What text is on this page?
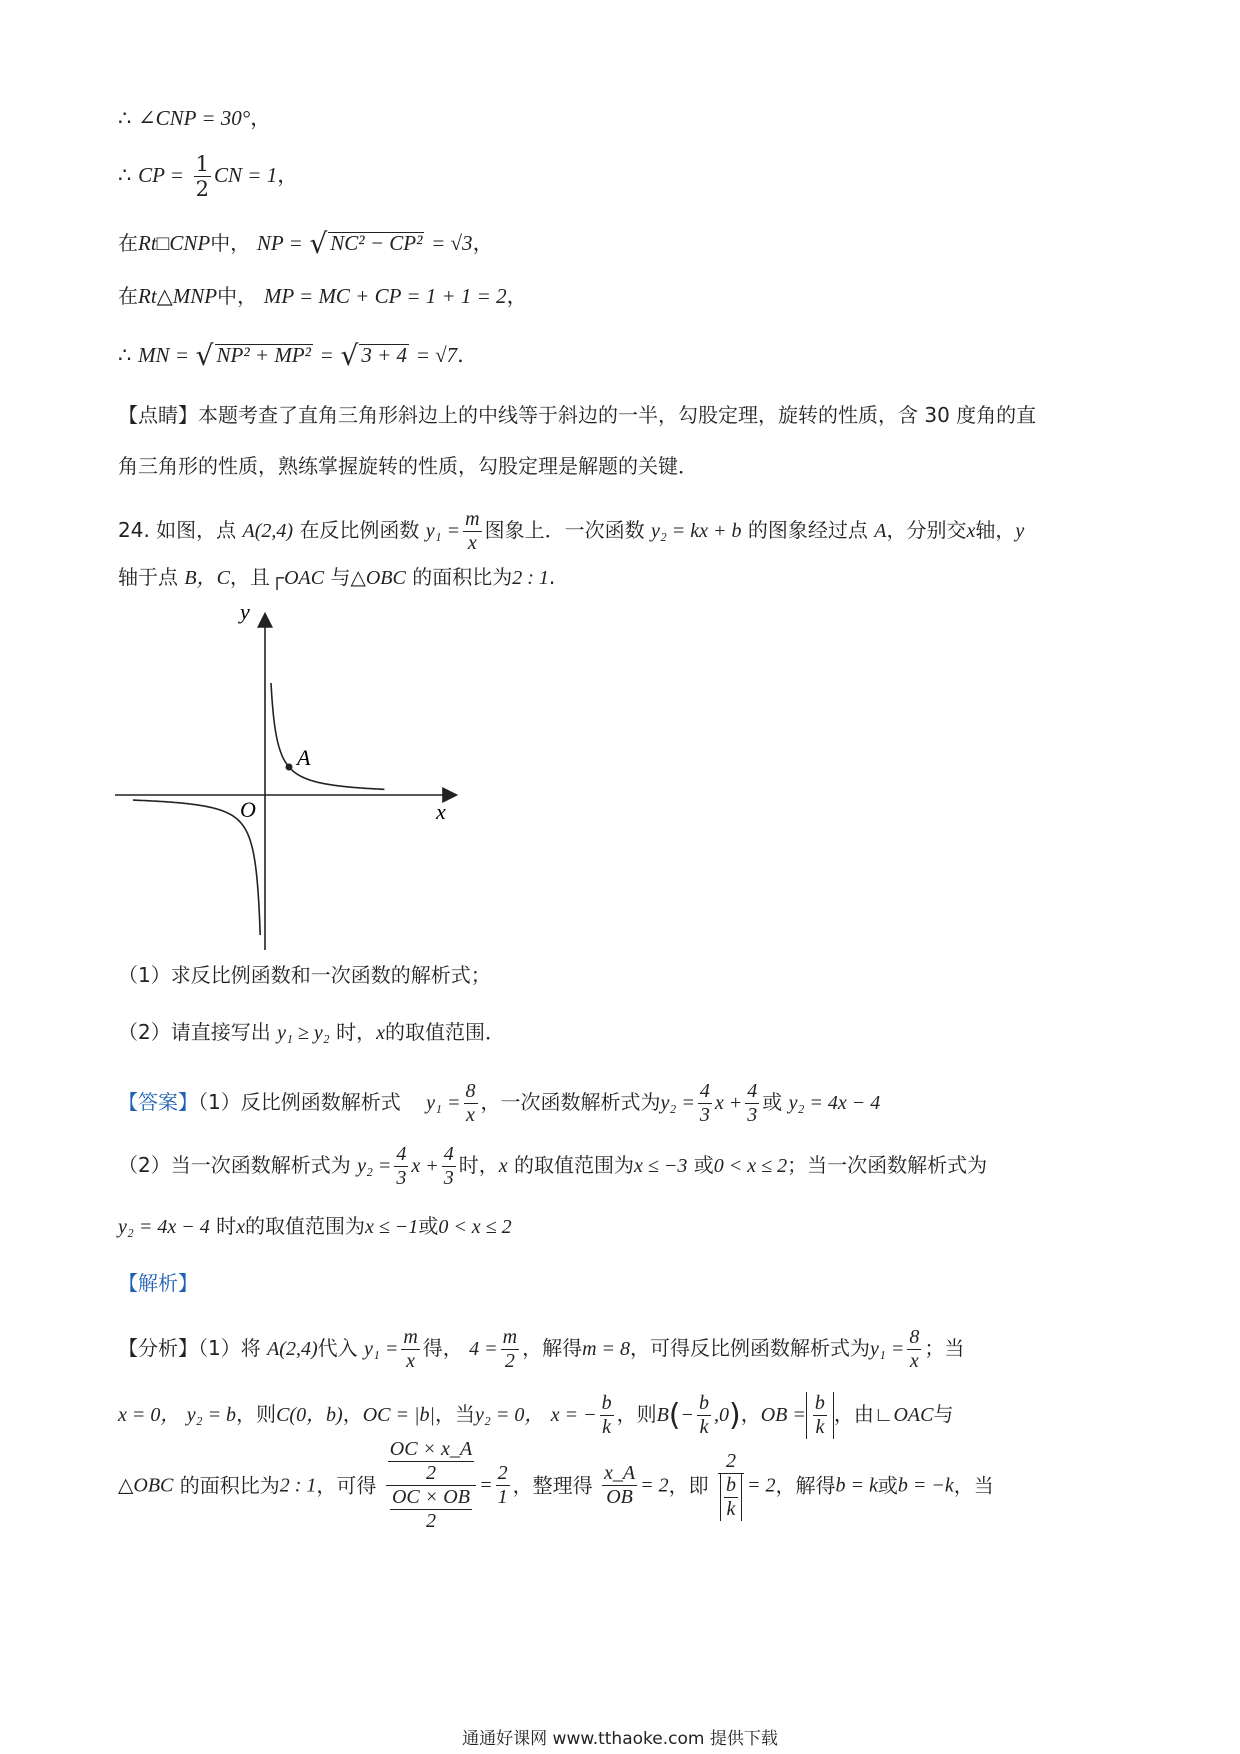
∴ ∠CNP = 30°，
∴ CP = $\frac{1}{2}$ CN = 1，
在Rt□CNP中， NP = √ NC² − CP² = √3，
在Rt△MNP中， MP = MC + CP = 1 + 1 = 2，
∴ MN = √ NP² + MP² = √ 3 + 4 = √7.
【点睛】本题考查了直角三角形斜边上的中线等于斜边的一半，勾股定理，旋转的性质，含 30 度角的直
角三角形的性质，熟练掌握旋转的性质，勾股定理是解题的关键．
24. 如图，点 A(2,4) 在反比例函数 $y_1 = \frac{m}{x}$ 图象上．一次函数 y₂ = kx + b 的图象经过点 A，分别交x轴，y
轴于点 B，C，且┌OAC 与△OBC 的面积比为2 : 1.
y
x
O
A
（1）求反比例函数和一次函数的解析式；
（2）请直接写出 y₁ ≥ y₂ 时，x的取值范围．
【答案】（1）反比例函数解析式 $y_1 = \frac{8}{x}$ ，一次函数解析式为$y_2 = \frac{4}{3}$ $x + \frac{4}{3}$ 或 y₂ = 4x − 4
（2）当一次函数解析式为 $y_2 = \frac{4}{3}$ $x + \frac{4}{3}$ 时，x 的取值范围为x ≤ −3 或0 < x ≤ 2；当一次函数解析式为
y₂ = 4x − 4 时x的取值范围为x ≤ −1或0 < x ≤ 2
【解析】
【分析】（1）将 A(2,4)代入 $y_1 = \frac{m}{x}$ 得， $4 = \frac{m}{2}$ ，解得m = 8，可得反比例函数解析式为$y_1 = \frac{8}{x}$ ；当
x = 0， y₂ = b，则C(0，b)，OC = |b|，当y₂ = 0， x = − $\frac{b}{k}$ ，则$B(- \frac{b}{k} ,0)$，OB = $\frac{b}{k}$ ，由∟OAC与
△OBC 的面积比为2 : 1，可得 $\frac{\frac{OC \times x\_A}{2}}{\frac{OC \times OB}{2}} = \frac{2}{1}$ ，整理得 $\frac{x\_A}{OB} = 2$，即 $\frac{2}{\frac{b}{k}} = 2$，解得b = k或b = −k，当
通通好课网 www.tthaoke.com 提供下载
